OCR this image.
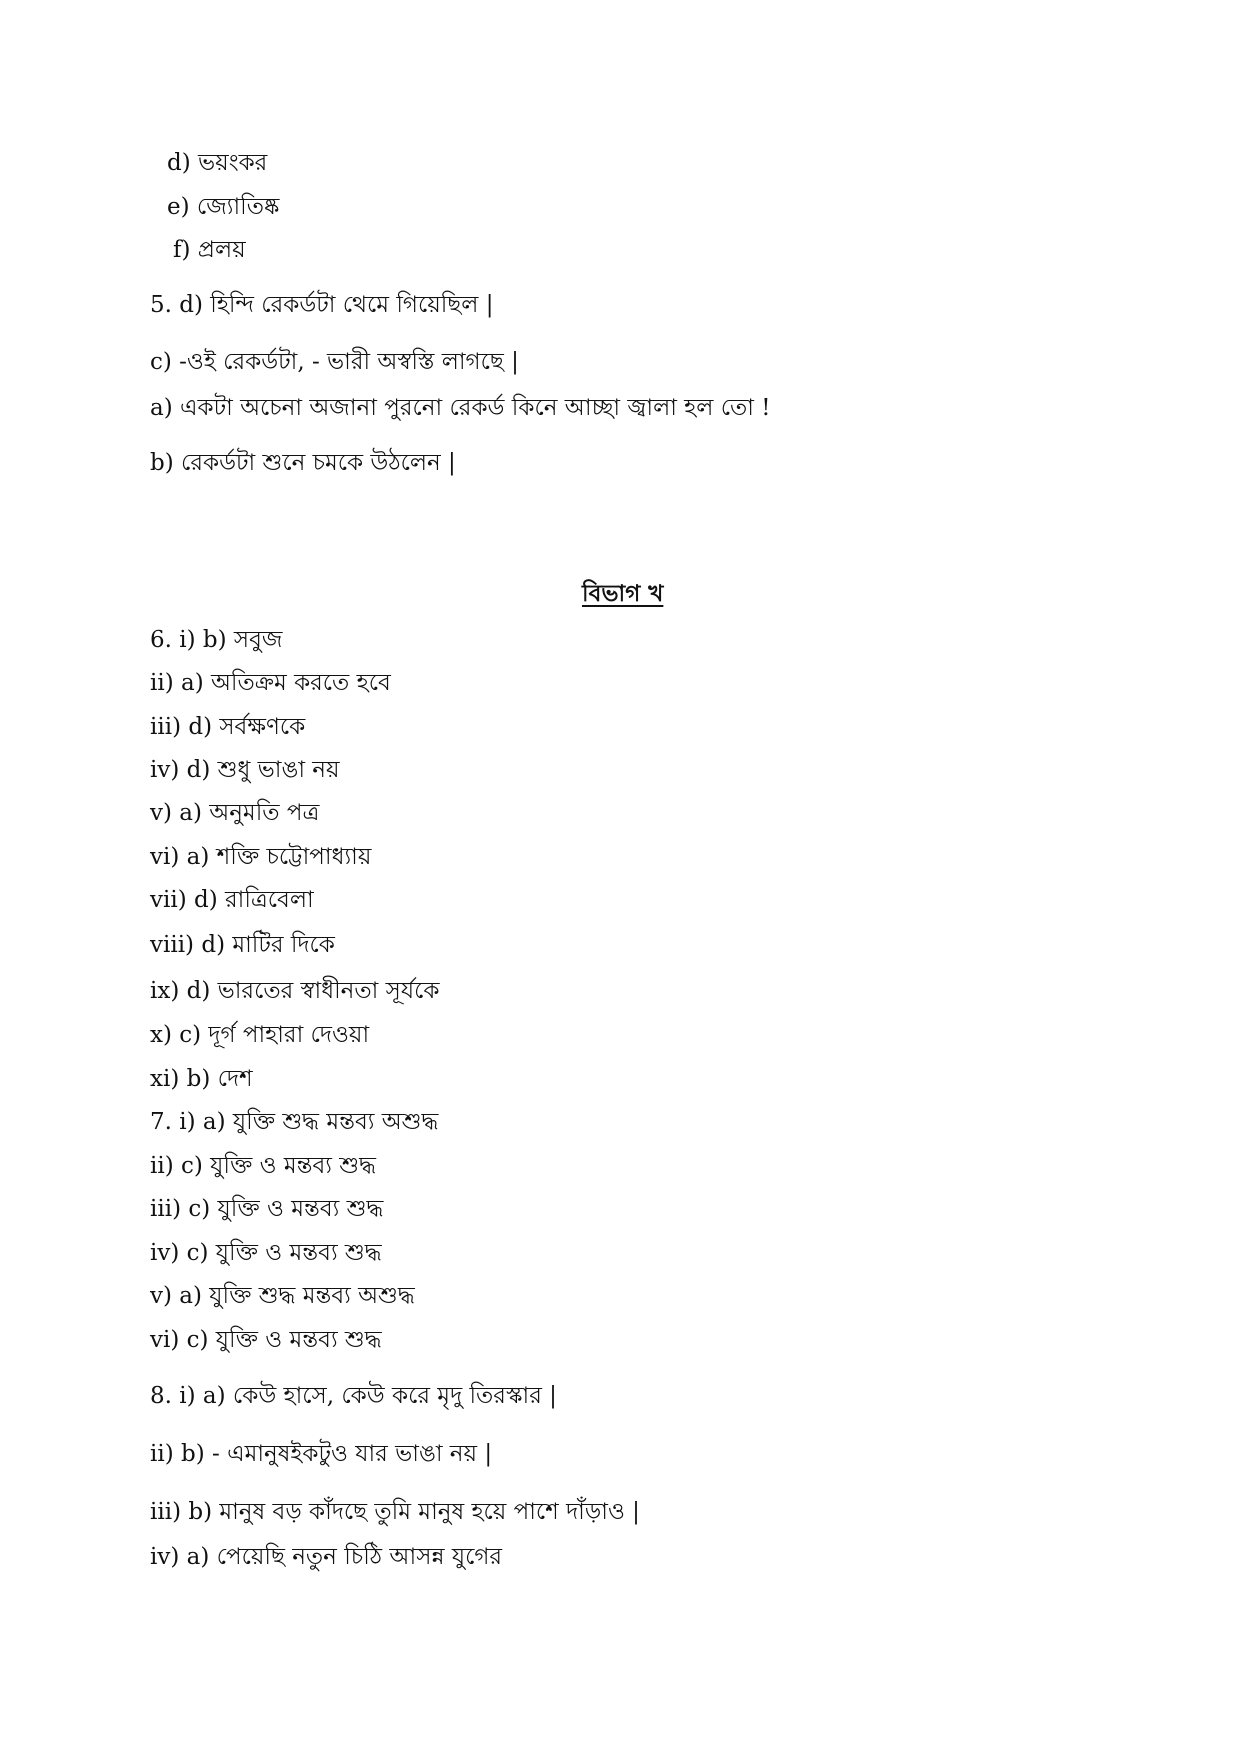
d) ভয়ংকর
e) জ্যোতিষ্ক
f) প্রলয়
5. d) হিন্দি রেকর্ডটা থেমে গিয়েছিল |
c) -ওই রেকর্ডটা, - ভারী অস্বস্তি লাগছে |
a) একটা অচেনা অজানা পুরনো রেকর্ড কিনে আচ্ছা জ্বালা হল তো !
b) রেকর্ডটা শুনে চমকে উঠলেন |
বিভাগ খ
6. i) b) সবুজ
ii) a) অতিক্রম করতে হবে
iii) d) সর্বক্ষণকে
iv) d) শুধু ভাঙা নয়
v) a) অনুমতি পত্র
vi) a) শক্তি চট্টোপাধ্যায়
vii) d) রাত্রিবেলা
viii) d) মাটির দিকে
ix) d) ভারতের স্বাধীনতা সূর্যকে
x) c) দূর্গ পাহারা দেওয়া
xi) b) দেশ
7. i) a) যুক্তি শুদ্ধ মন্তব্য অশুদ্ধ
ii) c) যুক্তি ও মন্তব্য শুদ্ধ
iii) c) যুক্তি ও মন্তব্য শুদ্ধ
iv) c) যুক্তি ও মন্তব্য শুদ্ধ
v) a) যুক্তি শুদ্ধ মন্তব্য অশুদ্ধ
vi) c) যুক্তি ও মন্তব্য শুদ্ধ
8. i) a) কেউ হাসে, কেউ করে মৃদু তিরস্কার |
ii) b) - এমানুষইকটুও যার ভাঙা নয় |
iii) b) মানুষ বড় কাঁদছে তুমি মানুষ হয়ে পাশে দাঁড়াও |
iv) a) পেয়েছি নতুন চিঠি আসন্ন যুগের
